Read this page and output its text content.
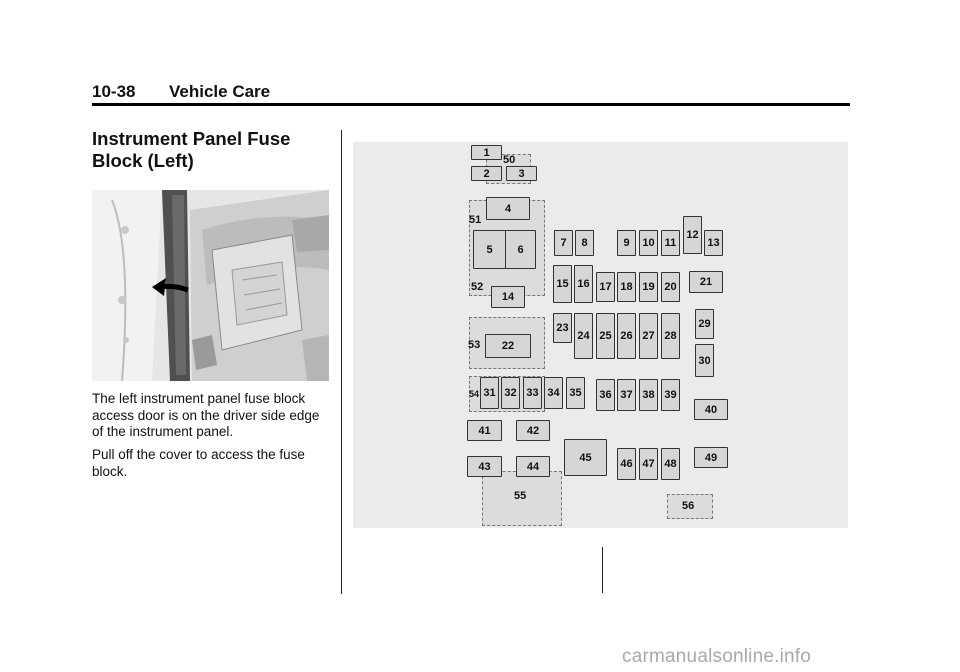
10-38 Vehicle Care
Instrument Panel Fuse Block (Left)

The left instrument panel fuse block access door is on the driver side edge of the instrument panel.

Pull off the cover to access the fuse block.

50
51
52
53
54
55
56
1
2	3
4
5	6
7	8	9	10 11
12
13
14
15 16 17 18 19 20	21
22
23
24 25 26 27 28
29
30
31 32 33 34 35	36 37 38 39
40
41	42
43	44
45
46 47 48
49
carmanualsonline.info
